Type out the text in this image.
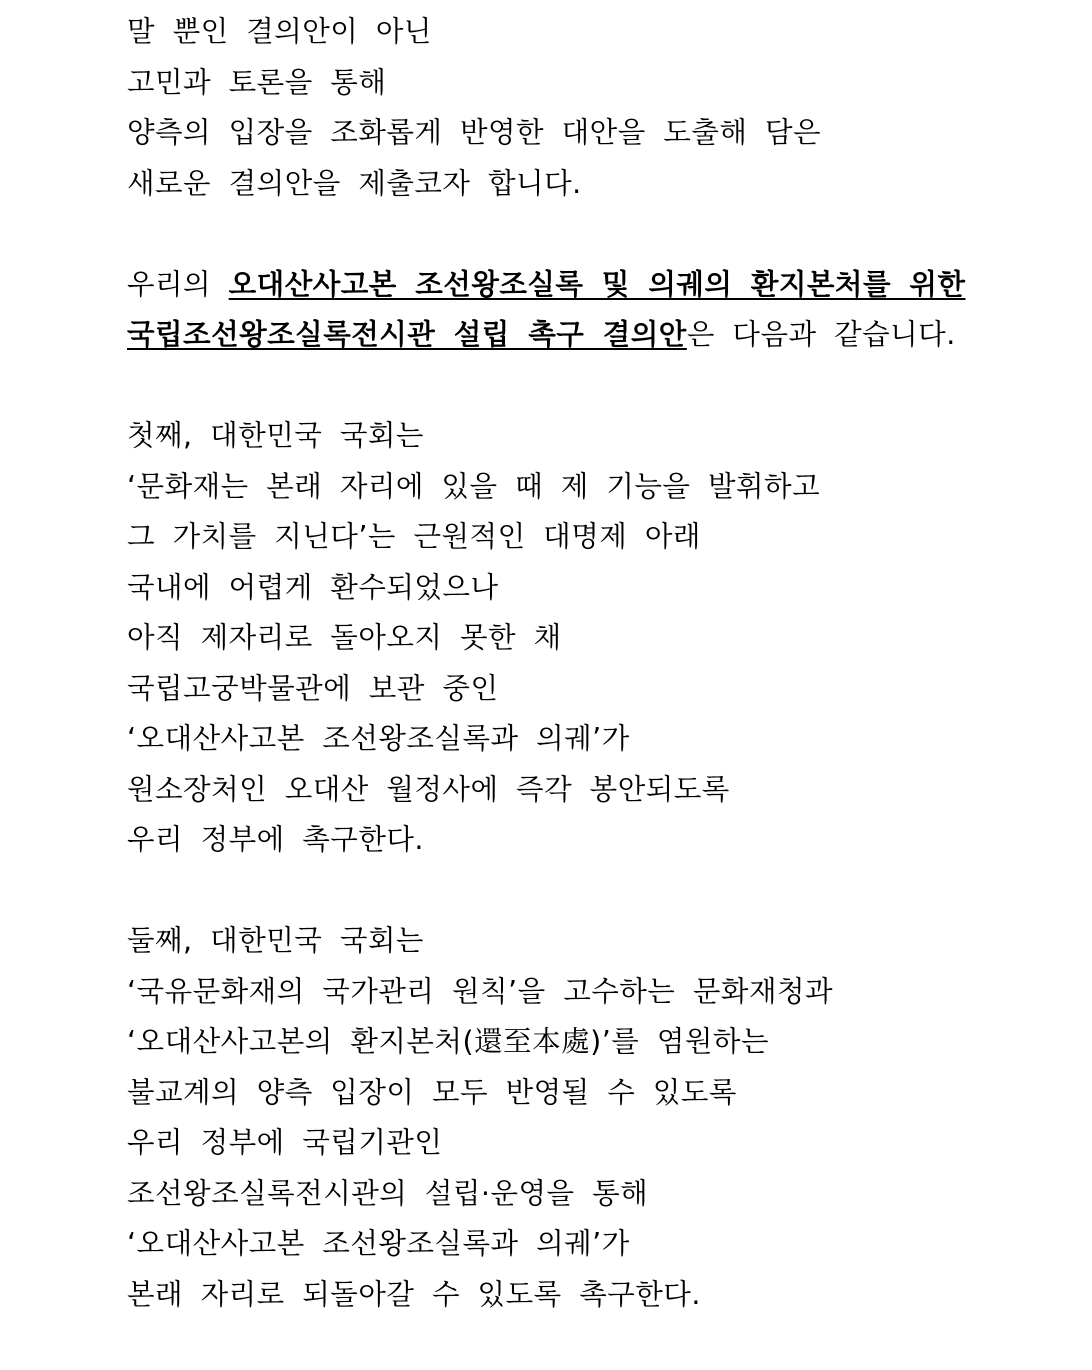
말 뿐인 결의안이 아닌
고민과 토론을 통해
양측의 입장을 조화롭게 반영한 대안을 도출해 담은
새로운 결의안을 제출코자 합니다.
우리의 오대산사고본 조선왕조실록 및 의궤의 환지본처를 위한
국립조선왕조실록전시관 설립 촉구 결의안은 다음과 같습니다.
첫째, 대한민국 국회는
‘문화재는 본래 자리에 있을 때 제 기능을 발휘하고
그 가치를 지닌다’는 근원적인 대명제 아래
국내에 어렵게 환수되었으나
아직 제자리로 돌아오지 못한 채
국립고궁박물관에 보관 중인
‘오대산사고본 조선왕조실록과 의궤’가
원소장처인 오대산 월정사에 즉각 봉안되도록
우리 정부에 촉구한다.
둘째, 대한민국 국회는
‘국유문화재의 국가관리 원칙’을 고수하는 문화재청과
‘오대산사고본의 환지본처(還至本處)’를 염원하는
불교계의 양측 입장이 모두 반영될 수 있도록
우리 정부에 국립기관인
조선왕조실록전시관의 설립·운영을 통해
‘오대산사고본 조선왕조실록과 의궤’가
본래 자리로 되돌아갈 수 있도록 촉구한다.
